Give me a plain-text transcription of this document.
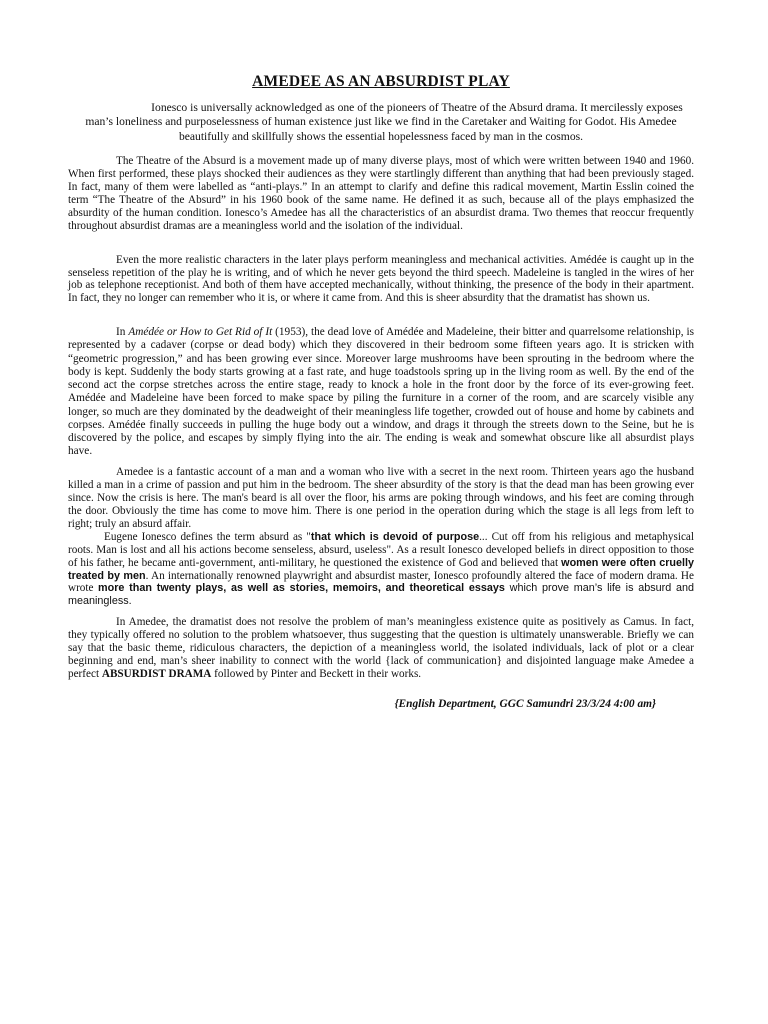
AMEDEE AS AN ABSURDIST PLAY

Ionesco is universally acknowledged as one of the pioneers of Theatre of the Absurd drama. It mercilessly exposes man’s loneliness and purposelessness of human existence just like we find in the Caretaker and Waiting for Godot. His Amedee beautifully and skillfully shows the essential hopelessness faced by man in the cosmos.

The Theatre of the Absurd is a movement made up of many diverse plays, most of which were written between 1940 and 1960. When first performed, these plays shocked their audiences as they were startlingly different than anything that had been previously staged. In fact, many of them were labelled as “anti-plays.” In an attempt to clarify and define this radical movement, Martin Esslin coined the term “The Theatre of the Absurd” in his 1960 book of the same name. He defined it as such, because all of the plays emphasized the absurdity of the human condition. Ionesco’s Amedee has all the characteristics of an absurdist drama. Two themes that reoccur frequently throughout absurdist dramas are a meaningless world and the isolation of the individual.

Even the more realistic characters in the later plays perform meaningless and mechanical activities. Amédée is caught up in the senseless repetition of the play he is writing, and of which he never gets beyond the third speech. Madeleine is tangled in the wires of her job as telephone receptionist. And both of them have accepted mechanically, without thinking, the presence of the body in their apartment. In fact, they no longer can remember who it is, or where it came from. And this is sheer absurdity that the dramatist has shown us.

In Amédée or How to Get Rid of It (1953), the dead love of Amédée and Madeleine, their bitter and quarrelsome relationship, is represented by a cadaver (corpse or dead body) which they discovered in their bedroom some fifteen years ago. It is stricken with “geometric progression,” and has been growing ever since. Moreover large mushrooms have been sprouting in the bedroom where the body is kept. Suddenly the body starts growing at a fast rate, and huge toadstools spring up in the living room as well. By the end of the second act the corpse stretches across the entire stage, ready to knock a hole in the front door by the force of its ever-growing feet. Amédée and Madeleine have been forced to make space by piling the furniture in a corner of the room, and are scarcely visible any longer, so much are they dominated by the deadweight of their meaningless life together, crowded out of house and home by cabinets and corpses. Amédée finally succeeds in pulling the huge body out a window, and drags it through the streets down to the Seine, but he is discovered by the police, and escapes by simply flying into the air. The ending is weak and somewhat obscure like all absurdist plays have.

Amedee is a fantastic account of a man and a woman who live with a secret in the next room. Thirteen years ago the husband killed a man in a crime of passion and put him in the bedroom. The sheer absurdity of the story is that the dead man has been growing ever since. Now the crisis is here. The man's beard is all over the floor, his arms are poking through windows, and his feet are coming through the door. Obviously the time has come to move him. There is one period in the operation during which the stage is all legs from left to right; truly an absurd affair.

Eugene Ionesco defines the term absurd as "that which is devoid of purpose... Cut off from his religious and metaphysical roots. Man is lost and all his actions become senseless, absurd, useless". As a result Ionesco developed beliefs in direct opposition to those of his father, he became anti-government, anti-military, he questioned the existence of God and believed that women were often cruelly treated by men. An internationally renowned playwright and absurdist master, Ionesco profoundly altered the face of modern drama. He wrote more than twenty plays, as well as stories, memoirs, and theoretical essays which prove man’s life is absurd and meaningless.

In Amedee, the dramatist does not resolve the problem of man’s meaningless existence quite as positively as Camus. In fact, they typically offered no solution to the problem whatsoever, thus suggesting that the question is ultimately unanswerable. Briefly we can say that the basic theme, ridiculous characters, the depiction of a meaningless world, the isolated individuals, lack of plot or a clear beginning and end, man’s sheer inability to connect with the world {lack of communication} and disjointed language make Amedee a perfect ABSURDIST DRAMA followed by Pinter and Beckett in their works.

{English Department, GGC Samundri 23/3/24 4:00 am}
